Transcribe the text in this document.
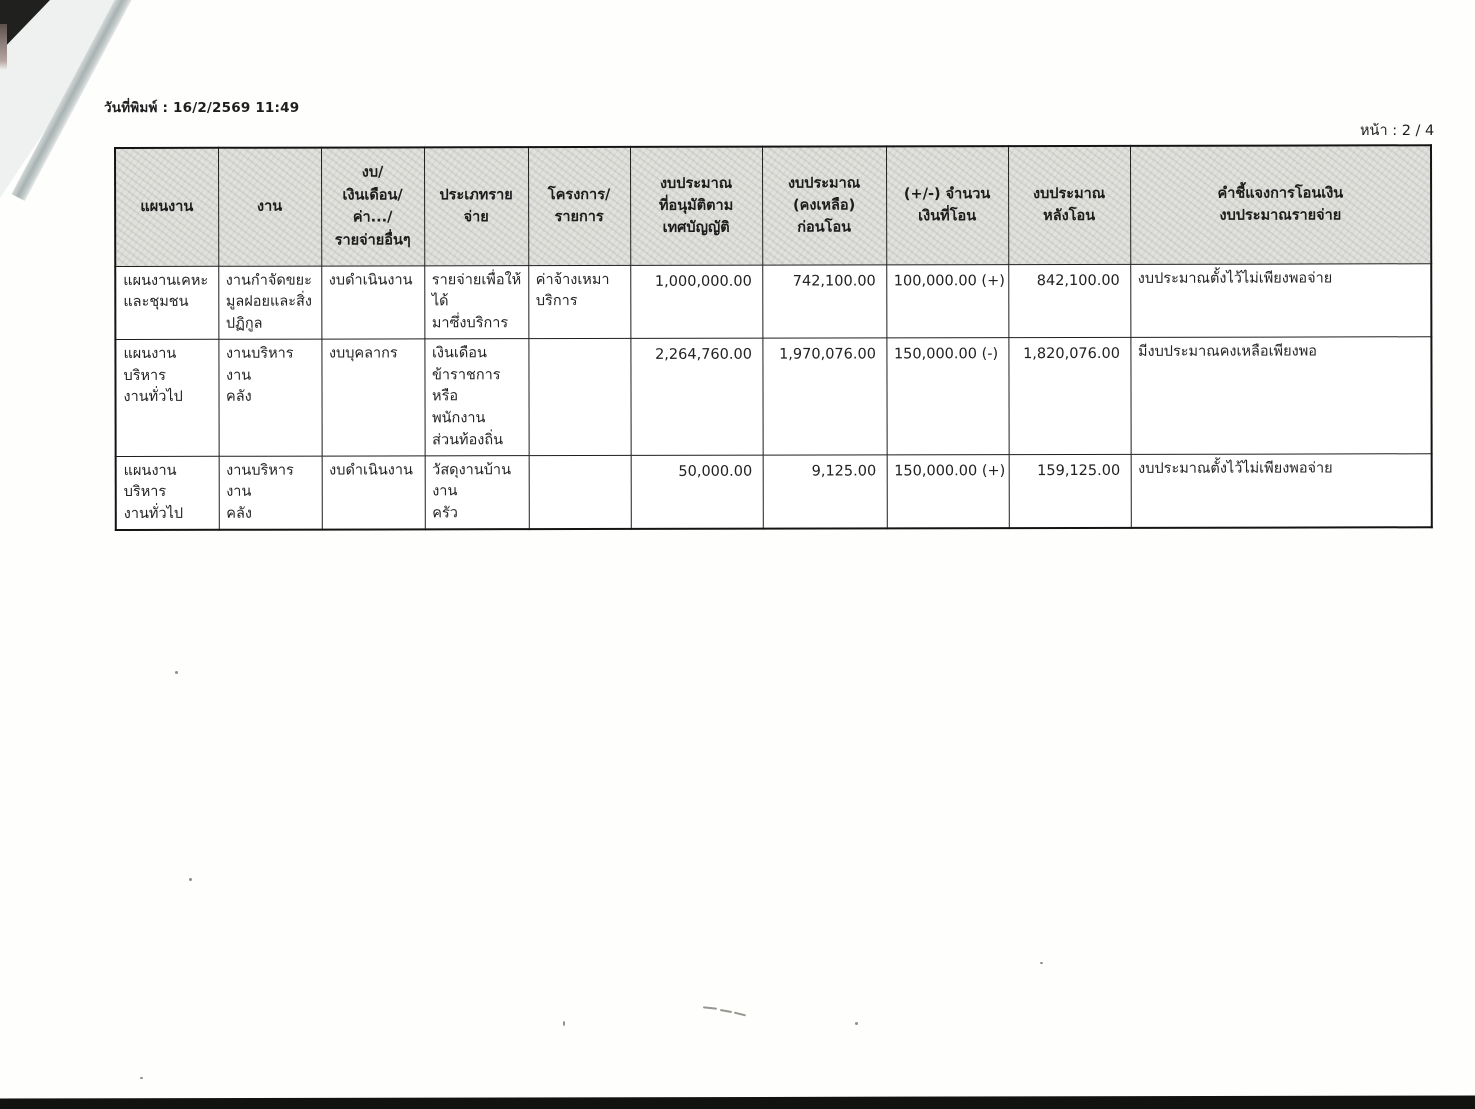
วันที่พิมพ์ : 16/2/2569 11:49
หน้า : 2 / 4
แผนงาน	งาน	งบ/
เงินเดือน/
ค่า.../
รายจ่ายอื่นๆ	ประเภทรายจ่าย	โครงการ/
รายการ	งบประมาณ
ที่อนุมัติตาม
เทศบัญญัติ	งบประมาณ
(คงเหลือ)
ก่อนโอน	(+/-) จำนวน
เงินที่โอน	งบประมาณ
หลังโอน	คำชี้แจงการโอนเงิน
งบประมาณรายจ่าย
แผนงานเคหะ
และชุมชน	งานกำจัดขยะ
มูลฝอยและสิ่ง
ปฏิกูล	งบดำเนินงาน	รายจ่ายเพื่อให้ได้
มาซึ่งบริการ	ค่าจ้างเหมา
บริการ	1,000,000.00	742,100.00	100,000.00 (+)	842,100.00	งบประมาณตั้งไว้ไม่เพียงพอจ่าย
แผนงานบริหาร
งานทั่วไป	งานบริหารงาน
คลัง	งบบุคลากร	เงินเดือน
ข้าราชการ หรือ
พนักงาน
ส่วนท้องถิ่น		2,264,760.00	1,970,076.00	150,000.00 (-)	1,820,076.00	มีงบประมาณคงเหลือเพียงพอ
แผนงานบริหาร
งานทั่วไป	งานบริหารงาน
คลัง	งบดำเนินงาน	วัสดุงานบ้านงาน
ครัว		50,000.00	9,125.00	150,000.00 (+)	159,125.00	งบประมาณตั้งไว้ไม่เพียงพอจ่าย
